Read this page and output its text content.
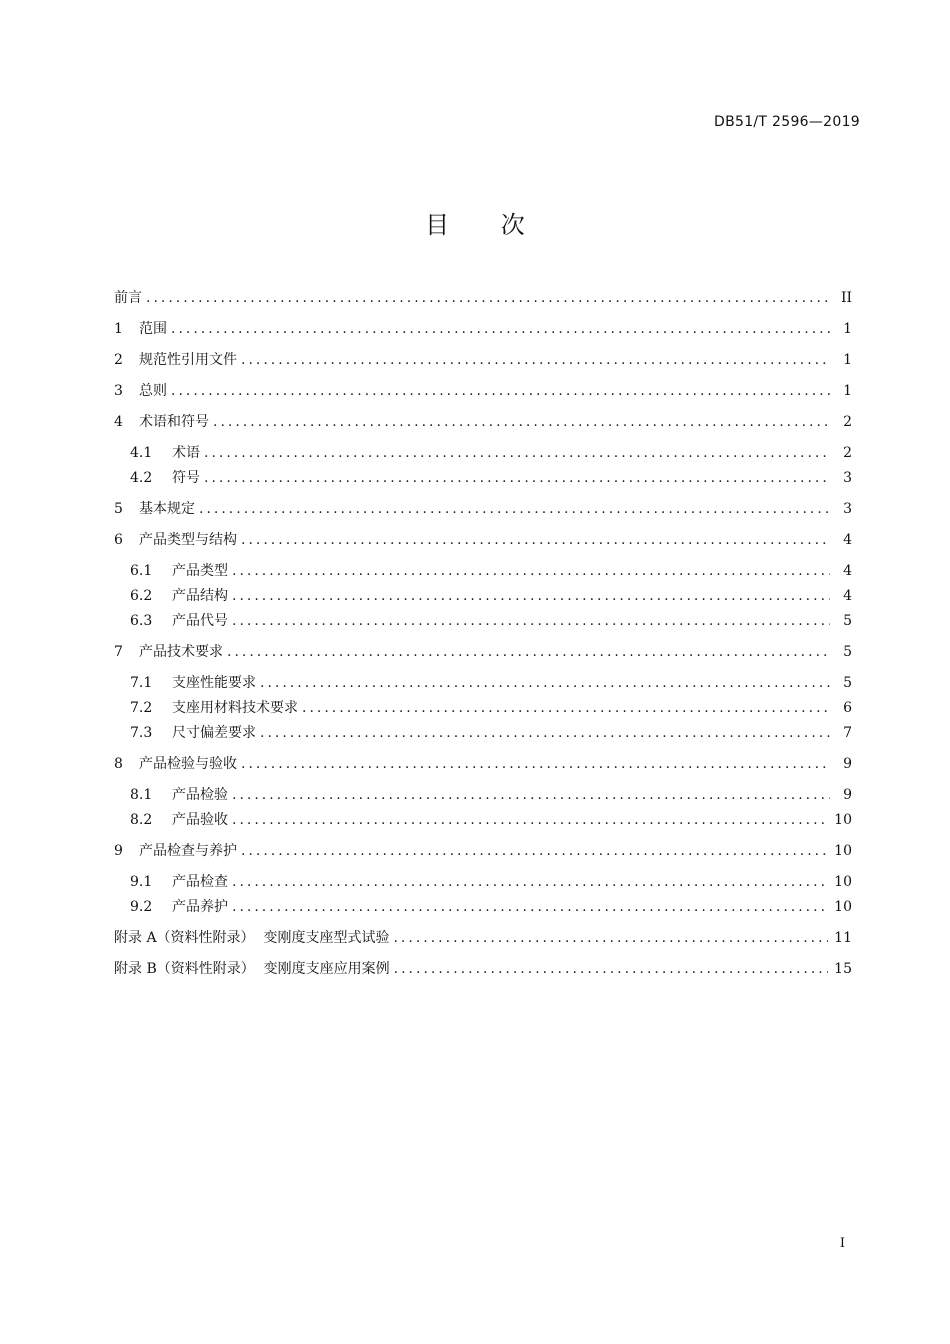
DB51/T 2596—2019
目 次
前言 .....	II
1	范围 .....	1
2	规范性引用文件 .....	1
3	总则 .....	1
4	术语和符号 .....	2
4.1	术语 .....	2
4.2	符号 .....	3
5	基本规定 .....	3
6	产品类型与结构 .....	4
6.1	产品类型 .....	4
6.2	产品结构 .....	4
6.3	产品代号 .....	5
7	产品技术要求 .....	5
7.1	支座性能要求 .....	5
7.2	支座用材料技术要求 .....	6
7.3	尺寸偏差要求 .....	7
8	产品检验与验收 .....	9
8.1	产品检验 .....	9
8.2	产品验收 .....	10
9	产品检查与养护 .....	10
9.1	产品检查 .....	10
9.2	产品养护 .....	10
附录 A（资料性附录）  变刚度支座型式试验 .....	11
附录 B（资料性附录）  变刚度支座应用案例 .....	15
I
